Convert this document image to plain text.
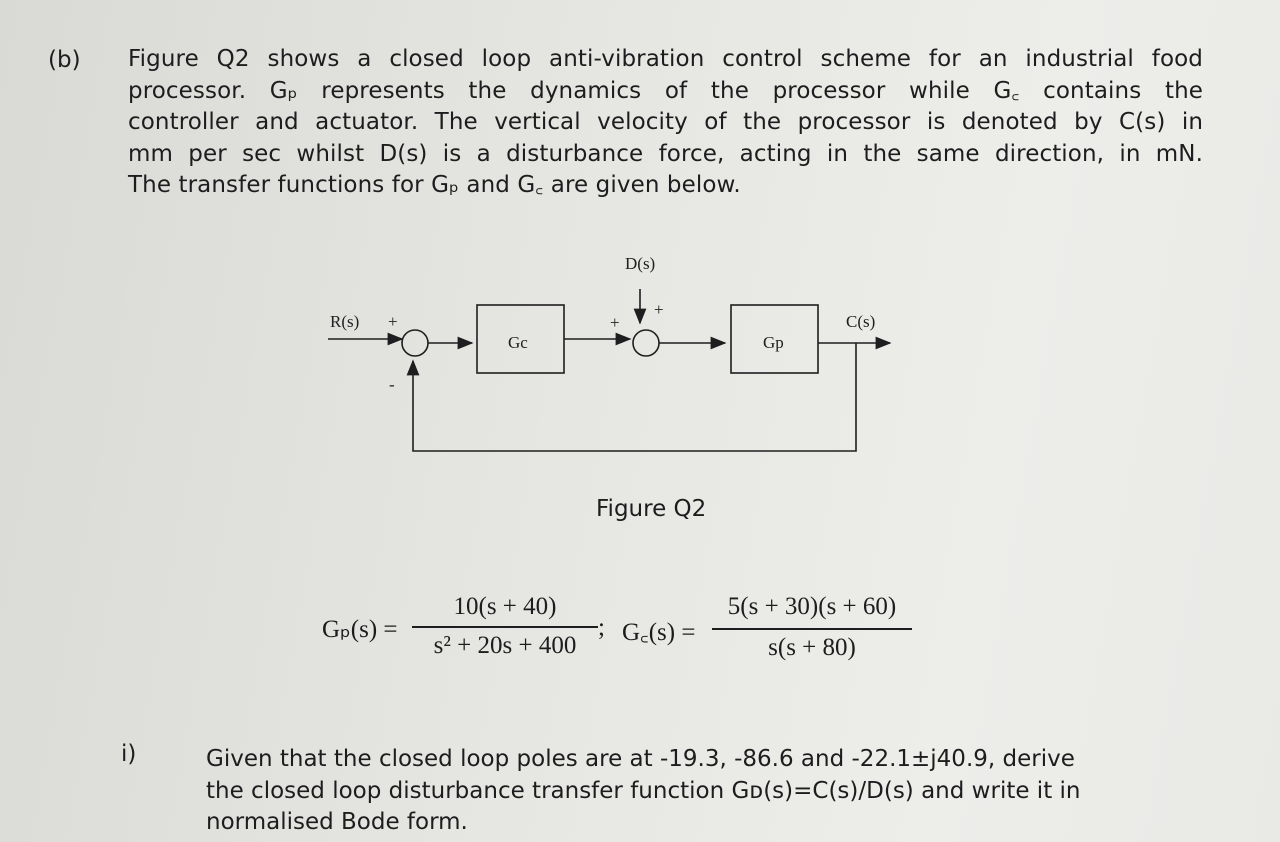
(b) Figure Q2 shows a closed loop anti-vibration control scheme for an industrial food
processor. Gₚ represents the dynamics of the processor while G꜀ contains the
controller and actuator. The vertical velocity of the processor is denoted by C(s) in
mm per sec whilst D(s) is a disturbance force, acting in the same direction, in mN.
The transfer functions for Gₚ and G꜀ are given below.
R(s) +
-
Gc
+
+
D(s)
Gp
C(s)
Figure Q2
Gₚ(s) =
10(s + 40)
s² + 20s + 400
; G꜀(s) =
5(s + 30)(s + 60)
s(s + 80)
i)	Given that the closed loop poles are at -19.3, -86.6 and -22.1±j40.9, derive
the closed loop disturbance transfer function Gᴅ(s)=C(s)/D(s) and write it in
normalised Bode form.
